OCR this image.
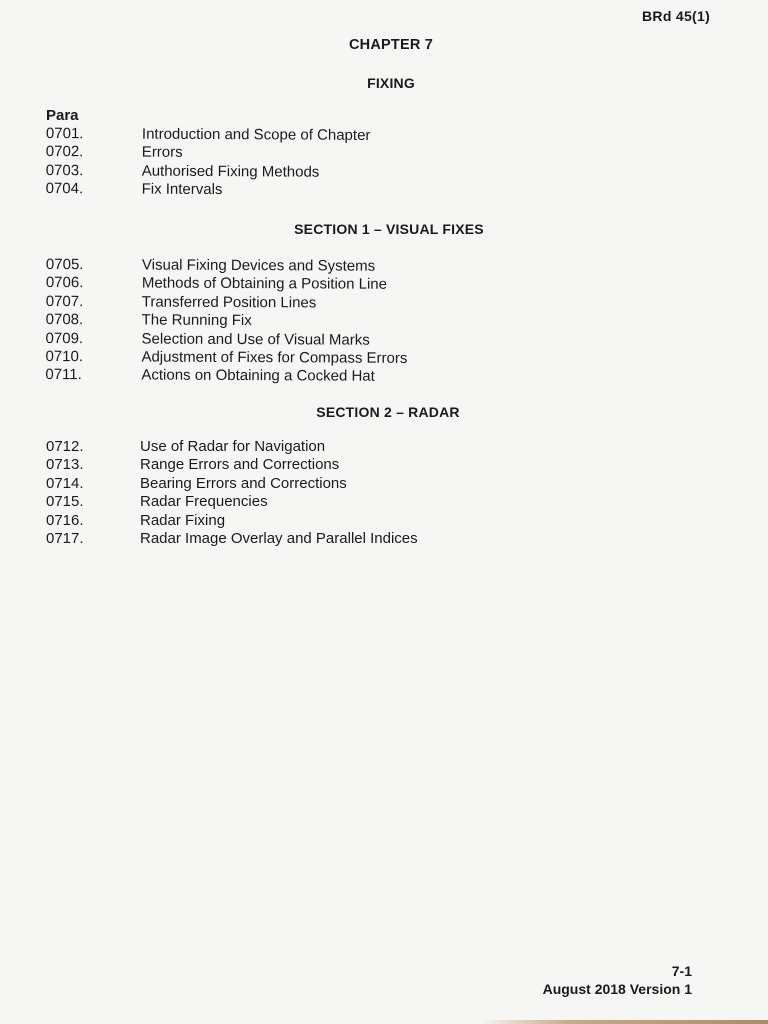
BRd 45(1)
CHAPTER 7
FIXING
Para
0701.	Introduction and Scope of Chapter
0702.	Errors
0703.	Authorised Fixing Methods
0704.	Fix Intervals
SECTION 1 – VISUAL FIXES
0705.	Visual Fixing Devices and Systems
0706.	Methods of Obtaining a Position Line
0707.	Transferred Position Lines
0708.	The Running Fix
0709.	Selection and Use of Visual Marks
0710.	Adjustment of Fixes for Compass Errors
0711.	Actions on Obtaining a Cocked Hat
SECTION 2 – RADAR
0712.	Use of Radar for Navigation
0713.	Range Errors and Corrections
0714.	Bearing Errors and Corrections
0715.	Radar Frequencies
0716.	Radar Fixing
0717.	Radar Image Overlay and Parallel Indices
7-1
August 2018 Version 1
